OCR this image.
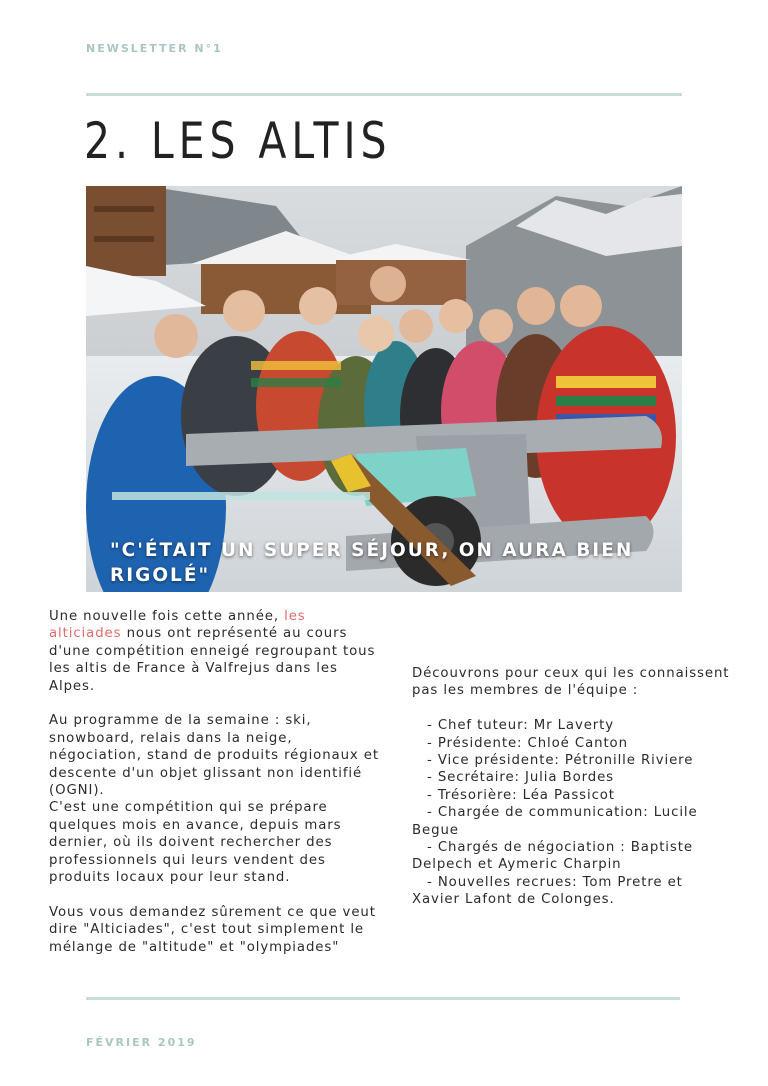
NEWSLETTER N°1
2. LES ALTIS

"C'ÉTAIT UN SUPER SÉJOUR, ON AURA BIEN RIGOLÉ"

Une nouvelle fois cette année, les alticiades nous ont représenté au cours d'une compétition enneigé regroupant tous les altis de France à Valfrejus dans les Alpes.

Au programme de la semaine : ski, snowboard, relais dans la neige, négociation, stand de produits régionaux et descente d'un objet glissant non identifié (OGNI).
C'est une compétition qui se prépare quelques mois en avance, depuis mars dernier, où ils doivent rechercher des professionnels qui leurs vendent des produits locaux pour leur stand.

Vous vous demandez sûrement ce que veut dire "Alticiades", c'est tout simplement le mélange de "altitude" et "olympiades"

Découvrons pour ceux qui les connaissent pas les membres de l'équipe :

- Chef tuteur: Mr Laverty
- Présidente: Chloé Canton
- Vice présidente: Pétronille Riviere
- Secrétaire: Julia Bordes
- Trésorière: Léa Passicot
- Chargée de communication: Lucile Begue
- Chargés de négociation : Baptiste Delpech et Aymeric Charpin
- Nouvelles recrues: Tom Pretre et Xavier Lafont de Colonges.
FÉVRIER 2019
